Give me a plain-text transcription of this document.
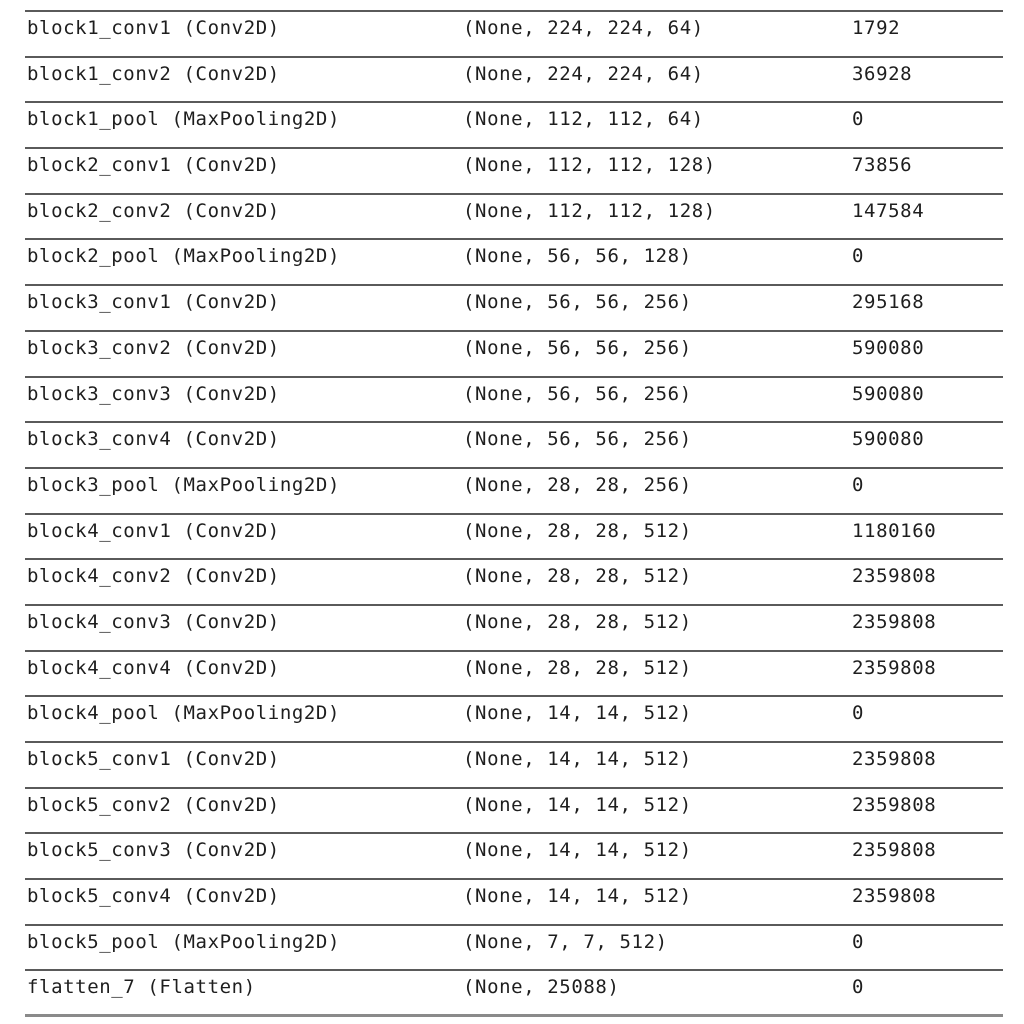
block1_conv1 (Conv2D)	(None, 224, 224, 64)	1792
block1_conv2 (Conv2D)	(None, 224, 224, 64)	36928
block1_pool (MaxPooling2D)	(None, 112, 112, 64)	0
block2_conv1 (Conv2D)	(None, 112, 112, 128)	73856
block2_conv2 (Conv2D)	(None, 112, 112, 128)	147584
block2_pool (MaxPooling2D)	(None, 56, 56, 128)	0
block3_conv1 (Conv2D)	(None, 56, 56, 256)	295168
block3_conv2 (Conv2D)	(None, 56, 56, 256)	590080
block3_conv3 (Conv2D)	(None, 56, 56, 256)	590080
block3_conv4 (Conv2D)	(None, 56, 56, 256)	590080
block3_pool (MaxPooling2D)	(None, 28, 28, 256)	0
block4_conv1 (Conv2D)	(None, 28, 28, 512)	1180160
block4_conv2 (Conv2D)	(None, 28, 28, 512)	2359808
block4_conv3 (Conv2D)	(None, 28, 28, 512)	2359808
block4_conv4 (Conv2D)	(None, 28, 28, 512)	2359808
block4_pool (MaxPooling2D)	(None, 14, 14, 512)	0
block5_conv1 (Conv2D)	(None, 14, 14, 512)	2359808
block5_conv2 (Conv2D)	(None, 14, 14, 512)	2359808
block5_conv3 (Conv2D)	(None, 14, 14, 512)	2359808
block5_conv4 (Conv2D)	(None, 14, 14, 512)	2359808
block5_pool (MaxPooling2D)	(None, 7, 7, 512)	0
flatten_7 (Flatten)	(None, 25088)	0
